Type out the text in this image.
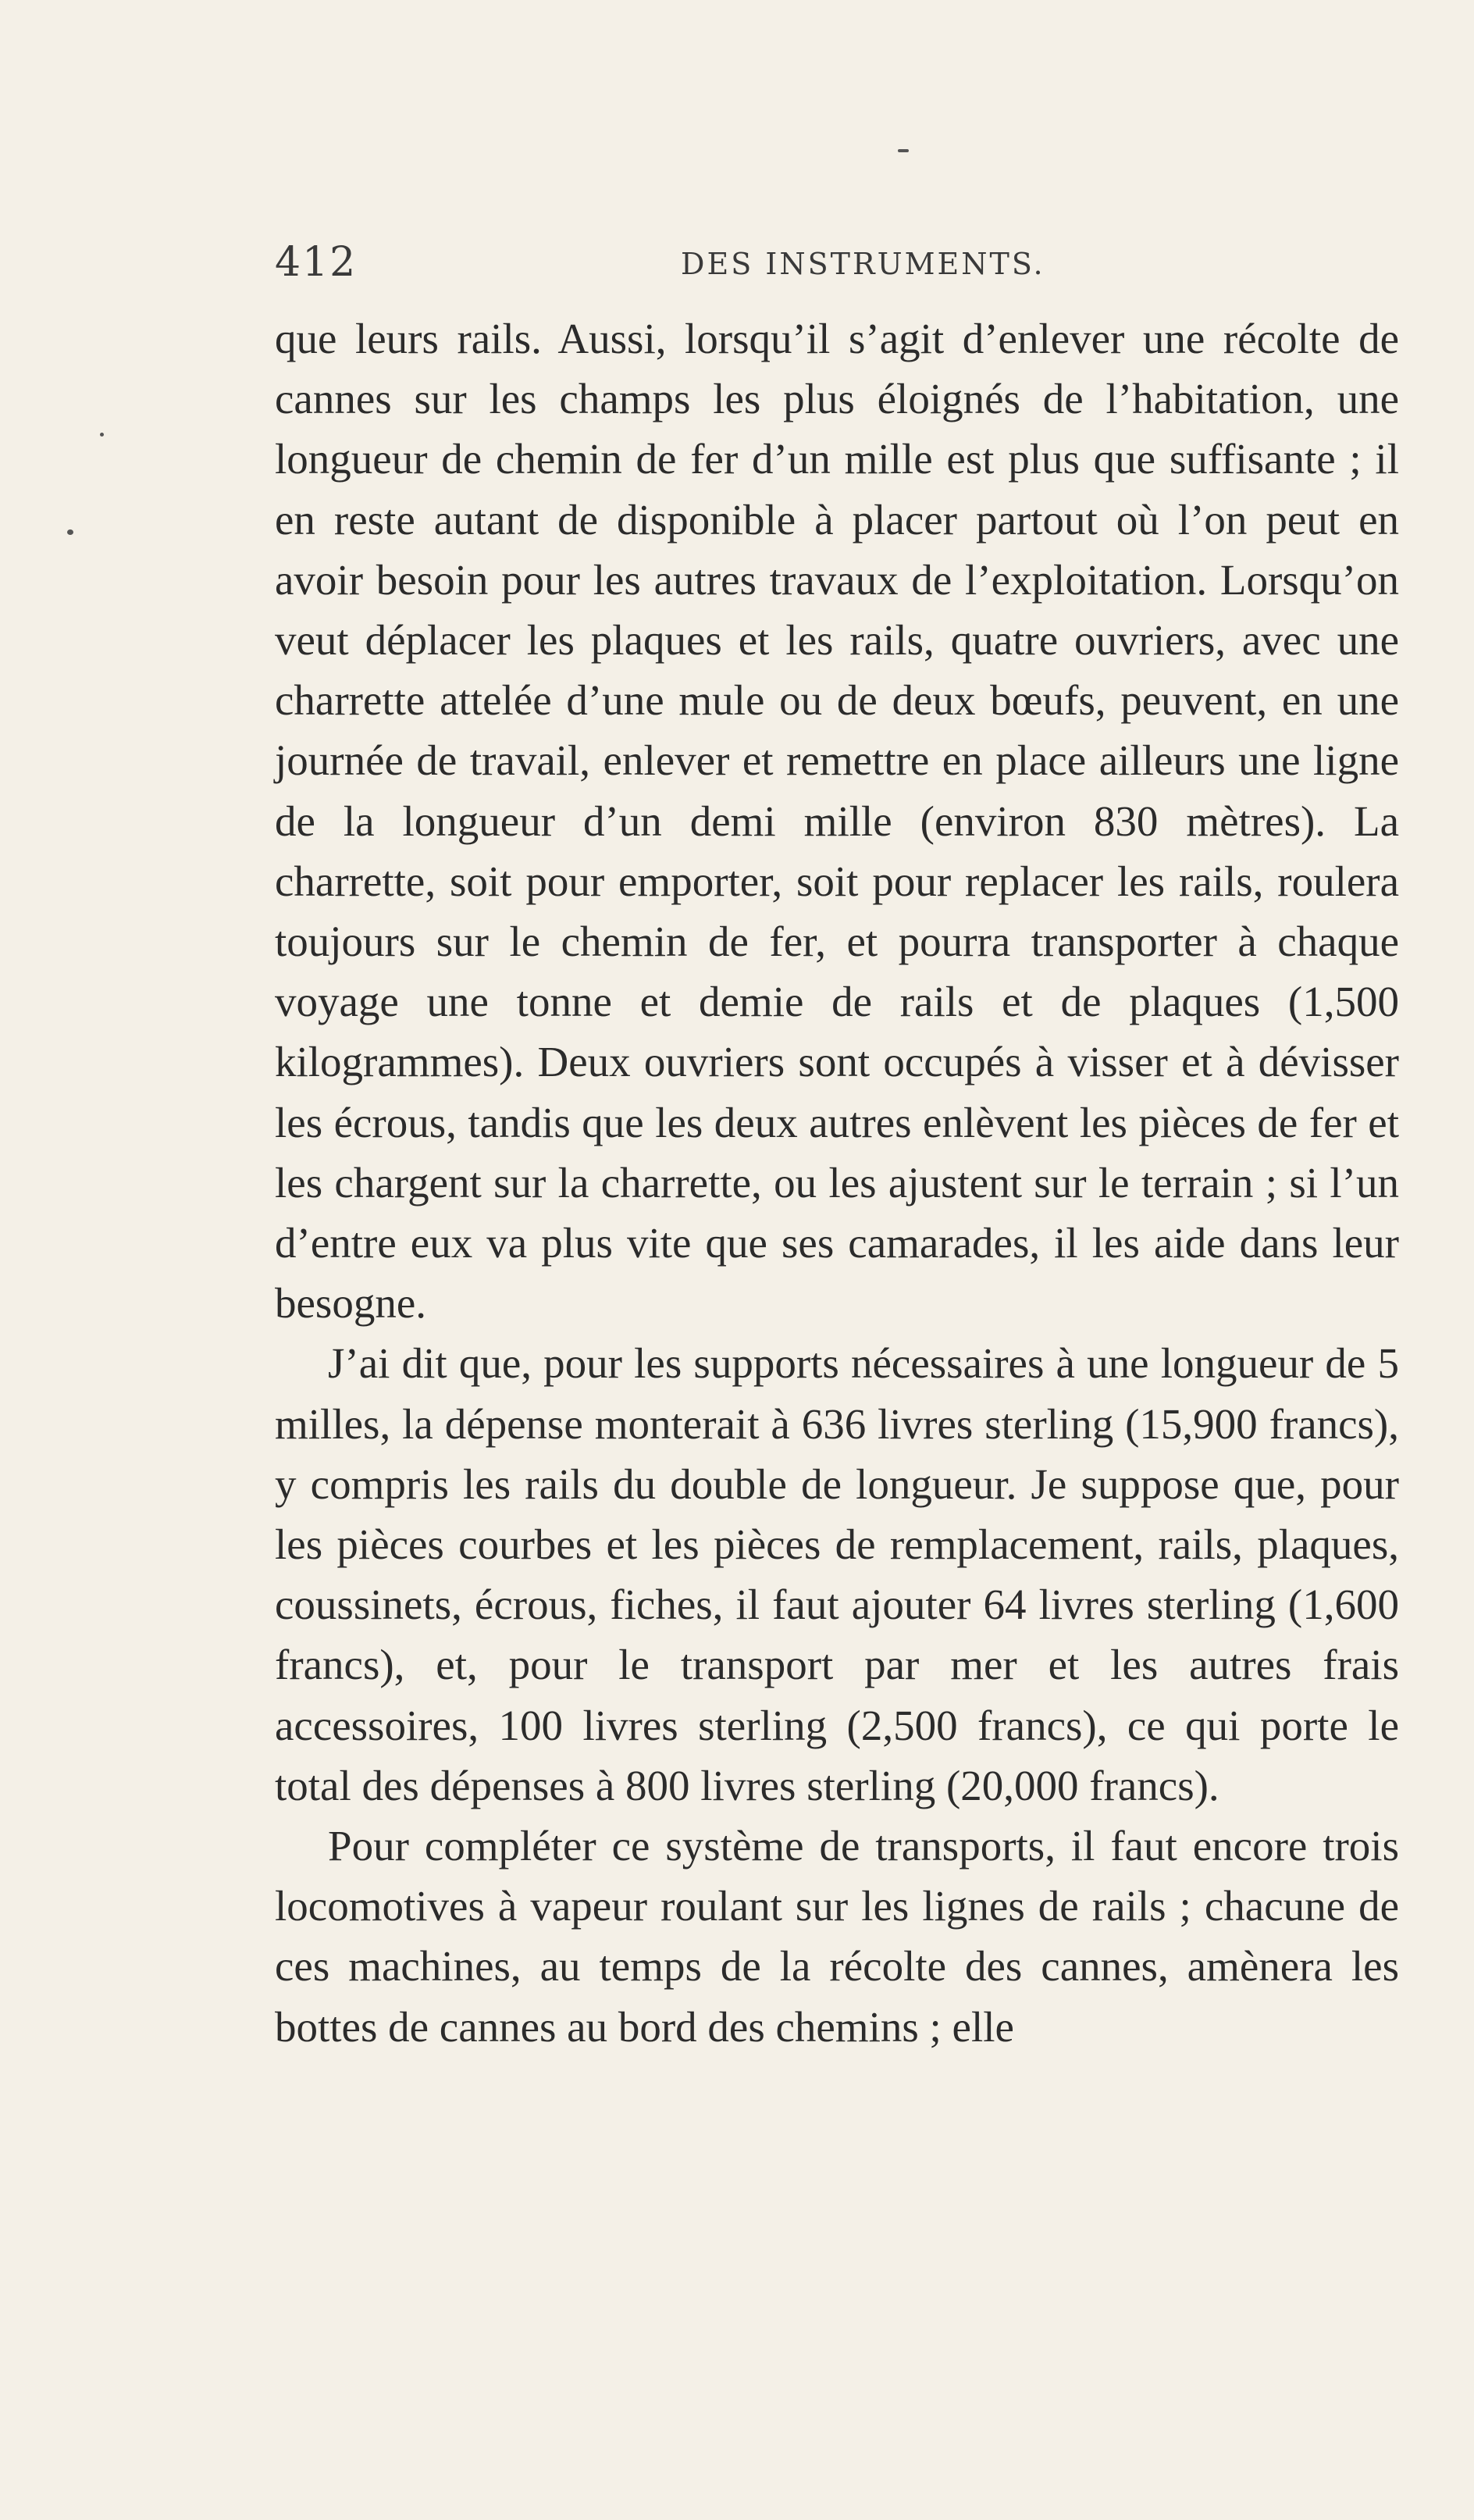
412	DES INSTRUMENTS.

que leurs rails. Aussi, lorsqu’il s’agit d’enlever une récolte de cannes sur les champs les plus éloignés de l’habitation, une longueur de chemin de fer d’un mille est plus que suffisante ; il en reste autant de disponible à placer partout où l’on peut en avoir besoin pour les autres travaux de l’exploitation. Lorsqu’on veut déplacer les plaques et les rails, quatre ouvriers, avec une charrette attelée d’une mule ou de deux bœufs, peuvent, en une journée de travail, enlever et remettre en place ailleurs une ligne de la longueur d’un demi mille (environ 830 mètres). La charrette, soit pour emporter, soit pour replacer les rails, roulera toujours sur le chemin de fer, et pourra transporter à chaque voyage une tonne et demie de rails et de plaques (1,500 kilogrammes). Deux ouvriers sont occupés à visser et à dévisser les écrous, tandis que les deux autres enlèvent les pièces de fer et les chargent sur la charrette, ou les ajustent sur le terrain ; si l’un d’entre eux va plus vite que ses camarades, il les aide dans leur besogne.

J’ai dit que, pour les supports nécessaires à une longueur de 5 milles, la dépense monterait à 636 livres sterling (15,900 francs), y compris les rails du double de longueur. Je suppose que, pour les pièces courbes et les pièces de remplacement, rails, plaques, coussinets, écrous, fiches, il faut ajouter 64 livres sterling (1,600 francs), et, pour le transport par mer et les autres frais accessoires, 100 livres sterling (2,500 francs), ce qui porte le total des dépenses à 800 livres sterling (20,000 francs).

Pour compléter ce système de transports, il faut encore trois locomotives à vapeur roulant sur les lignes de rails ; chacune de ces machines, au temps de la récolte des cannes, amènera les bottes de cannes au bord des chemins ; elle
